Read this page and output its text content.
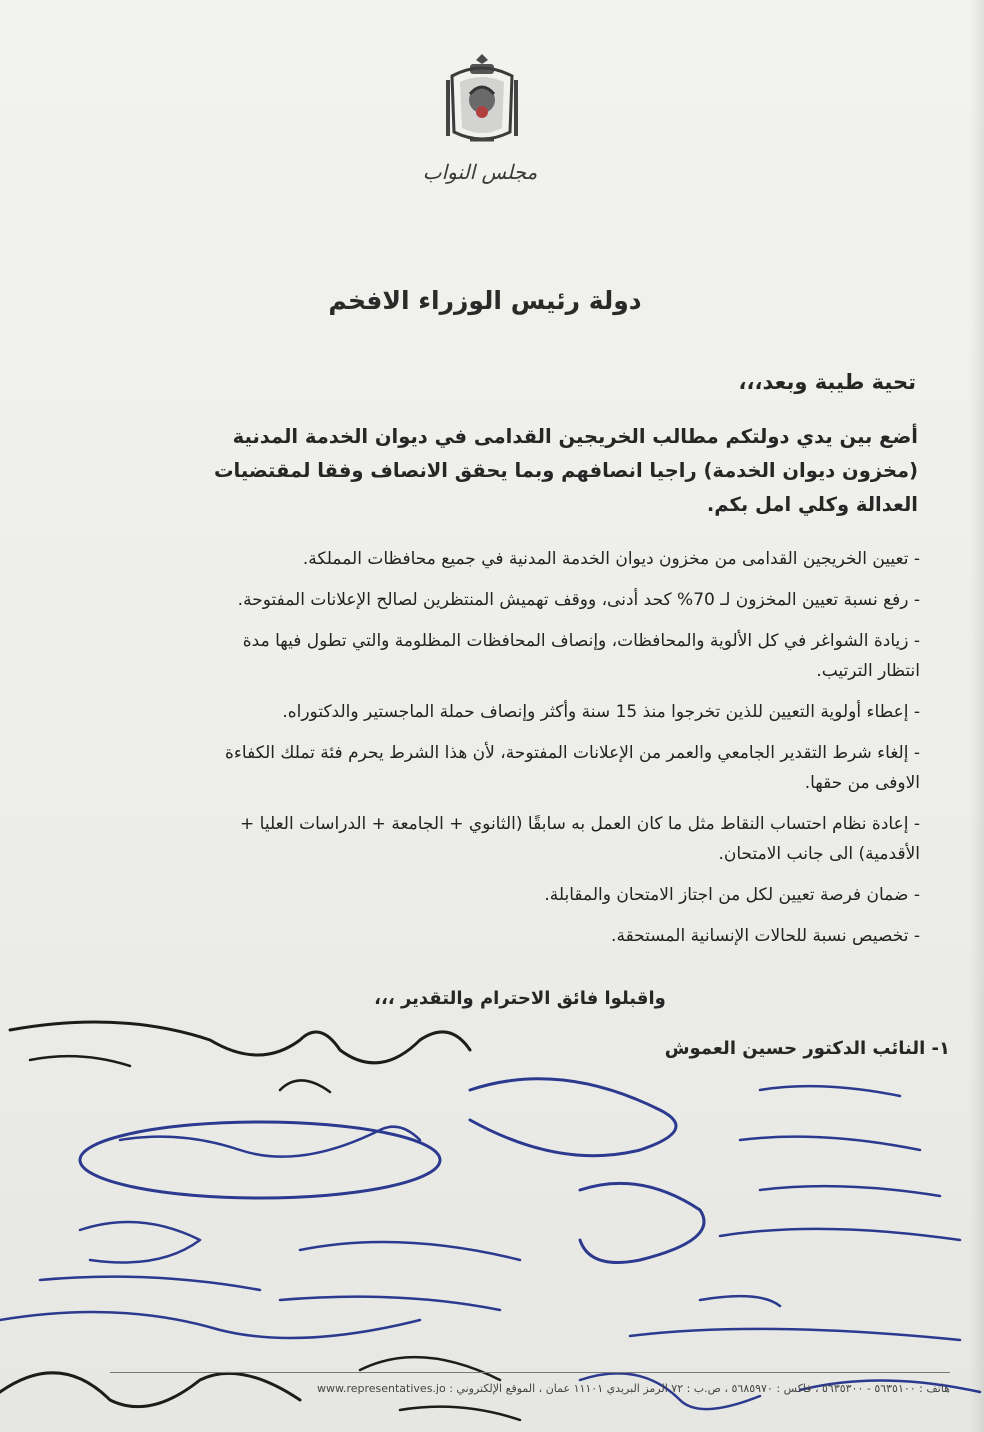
مجلس النواب
دولة رئيس الوزراء الافخم
تحية طيبة وبعد،،،
أضع بين يدي دولتكم مطالب الخريجين القدامى في ديوان الخدمة المدنية (مخزون ديوان الخدمة) راجيا انصافهم وبما يحقق الانصاف وفقا لمقتضيات العدالة وكلي امل بكم.
- تعيين الخريجين القدامى من مخزون ديوان الخدمة المدنية في جميع محافظات المملكة.
- رفع نسبة تعيين المخزون لـ 70% كحد أدنى، ووقف تهميش المنتظرين لصالح الإعلانات المفتوحة.
- زيادة الشواغر في كل الألوية والمحافظات، وإنصاف المحافظات المظلومة والتي تطول فيها مدة انتظار الترتيب.
- إعطاء أولوية التعيين للذين تخرجوا منذ 15 سنة وأكثر وإنصاف حملة الماجستير والدكتوراه.
- إلغاء شرط التقدير الجامعي والعمر من الإعلانات المفتوحة، لأن هذا الشرط يحرم فئة تملك الكفاءة الاوفى من حقها.
- إعادة نظام احتساب النقاط مثل ما كان العمل به سابقًا (الثانوي + الجامعة + الدراسات العليا + الأقدمية) الى جانب الامتحان.
- ضمان فرصة تعيين لكل من اجتاز الامتحان والمقابلة.
- تخصيص نسبة للحالات الإنسانية المستحقة.
واقبلوا فائق الاحترام والتقدير ،،،
١- النائب الدكتور حسين العموش
هاتف : ٥٦٣٥١٠٠ - ٥٦٣٥٣٠٠ ، فاكس : ٥٦٨٥٩٧٠ ، ص.ب : ٧٢ الرمز البريدي ١١١٠١ عمان ، الموقع الإلكتروني : www.representatives.jo
